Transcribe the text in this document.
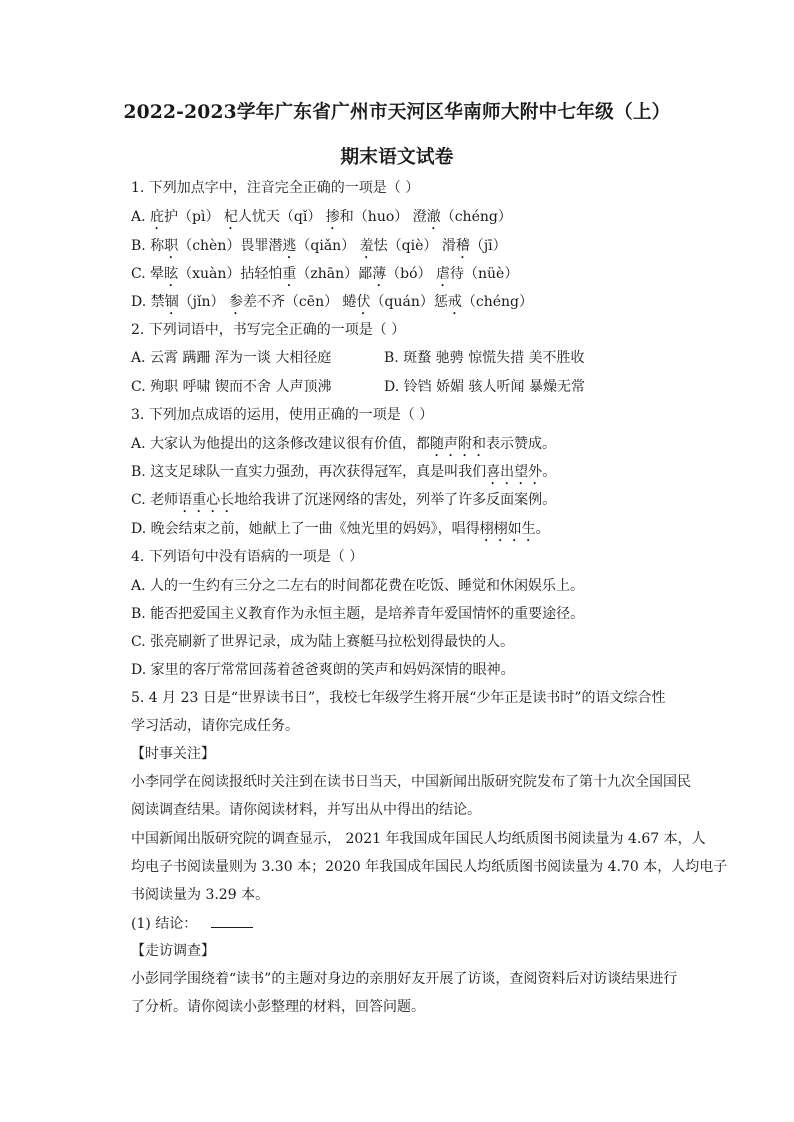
2022-2023学年广东省广州市天河区华南师大附中七年级（上）
期末语文试卷
1. 下列加点字中，注音完全正确的一项是（ ）
A. 庇护（pì） 杞人忧天（qǐ） 掺和（huo） 澄澈（chéng）
B. 称职（chèn）畏罪潜逃（qiǎn） 羞怯（qiè） 滑稽（jī）
C. 晕眩（xuàn）拈轻怕重（zhān）鄙薄（bó） 虐待（nüè）
D. 禁锢（jǐn） 参差不齐（cēn） 蜷伏（quán）惩戒（chéng）
2. 下列词语中，书写完全正确的一项是（ ）
A. 云霄 蹒跚 浑为一谈 大相径庭	B. 斑蝥 驰骋 惊慌失措 美不胜收
C. 殉职 呼啸 锲而不舍 人声顶沸	D. 铃铛 娇媚 骇人听闻 暴燥无常
3. 下列加点成语的运用，使用正确的一项是（ ）
A. 大家认为他提出的这条修改建议很有价值，都随声附和表示赞成。
B. 这支足球队一直实力强劲，再次获得冠军，真是叫我们喜出望外。
C. 老师语重心长地给我讲了沉迷网络的害处，列举了许多反面案例。
D. 晚会结束之前，她献上了一曲《烛光里的妈妈》，唱得栩栩如生。
4. 下列语句中没有语病的一项是（ ）
A. 人的一生约有三分之二左右的时间都花费在吃饭、睡觉和休闲娱乐上。
B. 能否把爱国主义教育作为永恒主题，是培养青年爱国情怀的重要途径。
C. 张亮刷新了世界记录，成为陆上赛艇马拉松划得最快的人。
D. 家里的客厅常常回荡着爸爸爽朗的笑声和妈妈深情的眼神。
5. 4 月 23 日是“世界读书日”，我校七年级学生将开展“少年正是读书时”的语文综合性
学习活动，请你完成任务。
【时事关注】
小李同学在阅读报纸时关注到在读书日当天，中国新闻出版研究院发布了第十九次全国国民
阅读调查结果。请你阅读材料，并写出从中得出的结论。
中国新闻出版研究院的调查显示， 2021 年我国成年国民人均纸质图书阅读量为 4.67 本，人
均电子书阅读量则为 3.30 本；2020 年我国成年国民人均纸质图书阅读量为 4.70 本，人均电子
书阅读量为 3.29 本。
(1) 结论：
【走访调查】
小彭同学围绕着“读书”的主题对身边的亲朋好友开展了访谈，查阅资料后对访谈结果进行
了分析。请你阅读小彭整理的材料，回答问题。
